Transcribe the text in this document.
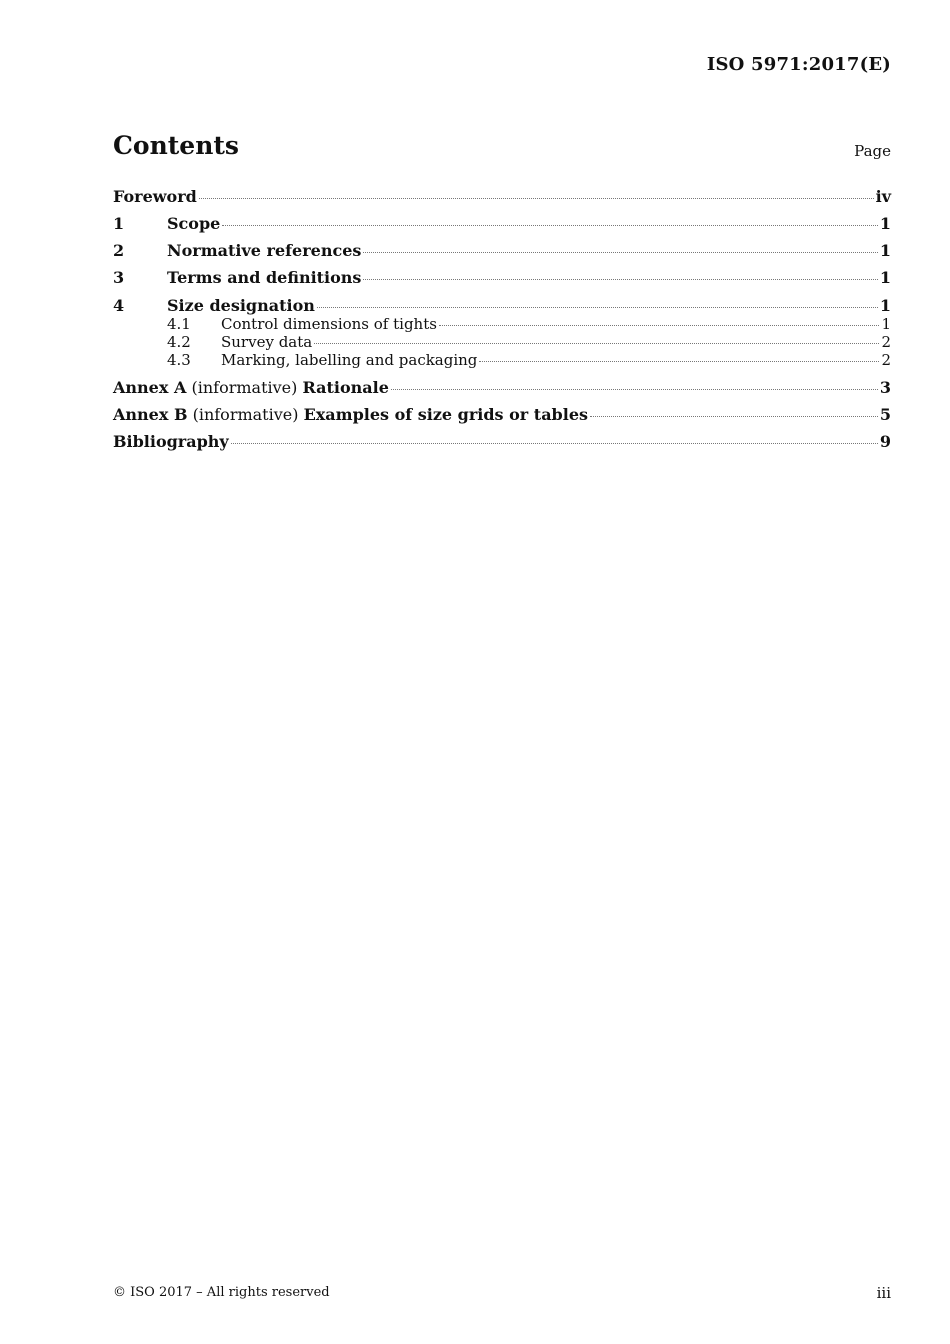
ISO 5971:2017(E)
Contents	Page
Foreword	iv
1	Scope	1
2	Normative references	1
3	Terms and definitions	1
4	Size designation	1
4.1	Control dimensions of tights	1
4.2	Survey data	2
4.3	Marking, labelling and packaging	2
Annex A (informative) Rationale	3
Annex B (informative) Examples of size grids or tables	5
Bibliography	9
© ISO 2017 – All rights reserved	iii
